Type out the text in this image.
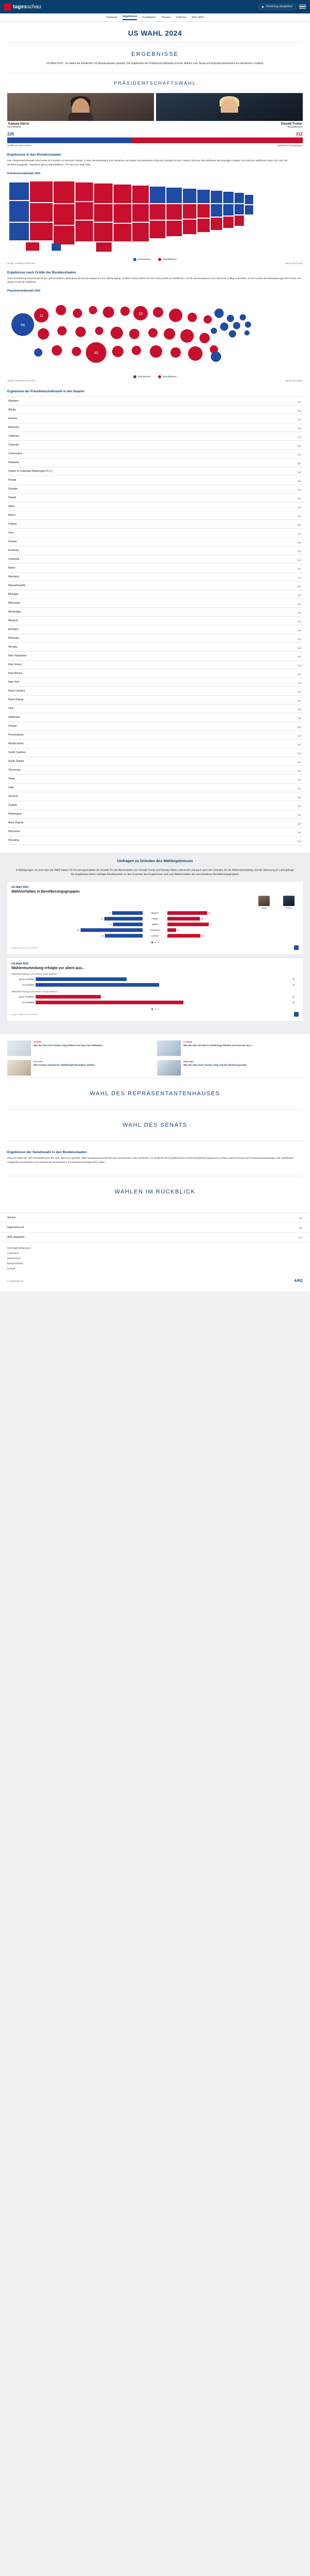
tagesschau	▶ Sendung abspielen
Startseite Ergebnisse Kandidaten Themen Zeitreise Mehr ARD
US WAHL 2024
ERGEBNISSE
US-Wahl 2024 - So haben die knistlichen US-Bundesstaaten gewählt. Die Ergebnisse der Präsidentschaftswahl und der Wahlen zum Senat und Repräsentantenhaus im interaktiven Liveblick.
PRÄSIDENTSCHAFTSWAHL
Kamala Harris
Demokraten
Donald Trump
Republikaner
226	312
Wahlleute Demokraten	Wahlleute Republikaner
Ergebnisse in den Bundesstaaten

Das Präsidentschaftswahl entscheidet sich letztlich an Electoral College: In allen Bundesstaaten (mit Ausnahme von Maine und Nebraska) erhält der Kandidat mit den meisten Stimmen alle Wahlleute des jeweiligen Staates. Die Zahl der Wahlleute richtet sich nach der Bevölkerungsgröße. Insgesamt gibt es 538 Wahlleute, 270 sind zum Sieg nötig.

Präsidentschaftswahl 2024
Demokraten	Republikaner
Quelle: AP/Edison/ABC/CNN	Stand: 06.11.2024
Ergebnisse nach Größe der Bundesstaaten

Diese Darstellung veranschaulicht die unterschiedliche Bedeutung der Bundesstaaten für den Wahlausgang: Größere Kreise stehen für eine höhere Zahl von Wahlleuten. Da die Bundesstaaten in der Electoral-College entsenden, in den meisten Bundesstaaten gilt das Prinzip: Der Sieger erhält alle Wahlleute.

Präsidentschaftswahl 2024
54
40
11
10
Demokraten	Republikaner
Quelle: AP/Edison/ABC/CNN	Stand: 06.11.2024
Ergebnisse der Präsidentschaftswahl in den Staaten
Alabama
Alaska
Arizona
Arkansas
California
Colorado
Connecticut
Delaware
District of Columbia (Washington D.C.)
Florida
Georgia
Hawaii
Idaho
Illinois
Indiana
Iowa
Kansas
Kentucky
Louisiana
Maine
Maryland
Massachusetts
Michigan
Minnesota
Mississippi
Missouri
Montana
Nebraska
Nevada
New Hampshire
New Jersey
New Mexico
New York
North Carolina
North Dakota
Ohio
Oklahoma
Oregon
Pennsylvania
Rhode Island
South Carolina
South Dakota
Tennessee
Texas
Utah
Vermont
Virginia
Washington
West Virginia
Wisconsin
Wyoming
Umfragen zu Gründen des Wahlergebnisses
In Befragungen vor und nach der Wahl haben US-Forschungsinstitute die Gründe für das Abschneiden von Donald Trump und Kamala Harris untersucht und auch nach den Gründen für die Wahlentscheidung und die Stimmung im Land gefragt. Die Ergebnisse liefern wichtige Anhaltspunkte zu den Ursachen des Ergebnisses und zum Wahlverhalten der verschiedenen Bevölkerungsgruppen.
US-Wahl 2024
Wahlverhalten in Bevölkerungsgruppen
Harris	Trump
42	Männer	55
53	Frauen	45
41	Weiße	57
86	Schwarze	12
52	Latinos	46
Quelle: Edison Research/NEP
US-Wahl 2024
Wahlentscheidung erfolgte vor allem aus...
Wahlentscheidung zum meisten Harris-Wählern
gegen Kandidat	42
für Kandidat	57
Wahlentscheidung zum meisten Trump-Wählern
gegen Kandidat	30
für Kandidat	68
Quelle: Edison Research/NEP
Analyse
Wie die USA auf Trumps Sieg blicken und was nun weltweite...
Liveblog
Wie die USA auf Harris' Niederlage blicken und was sie nun...
Interview
Wie Trumps und Harris' Wahlkampf-Strategien wirkten
Reportage
Wie die USA nach Trumps Sieg und die Stimmung prägt
WAHL DES REPRÄSENTANTENHAUSES
WAHL DES SENATS
Ergebnisse der Senatswahl in den Bundesstaaten

Etwa ein Drittel der 100 Senatssitze wird alle zwei Jahre neu gewählt. Jeder Bundesstaat entsendet zwei Senatorinnen oder Senatoren. Im Senat hat die Republikanische Partei die Mehrheit gewonnen und kann damit Gesetze und Personalentscheidungen des Präsidenten maßgeblich beeinflussen. Die Amtszeit der Senatorinnen und Senatoren beträgt sechs Jahre.

WAHLEN IM RÜCKBLICK
Service
tagesschau.de
ARD-Angebote
Nutzungsbedingungen
Impressum
Datenschutz
Barrierefreiheit
Kontakt
© tagesschau.de	ARD
